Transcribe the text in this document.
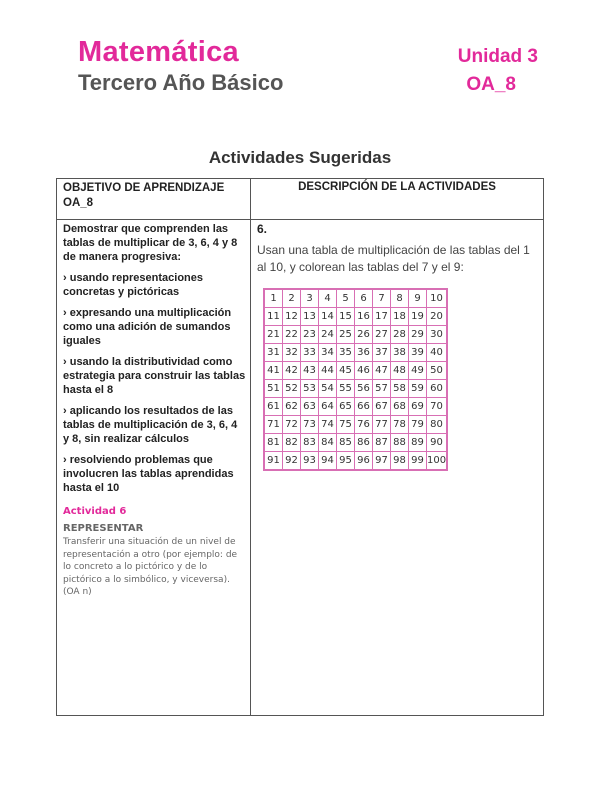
Matemática
Tercero Año Básico
Unidad 3
OA_8
Actividades Sugeridas
OBJETIVO DE APRENDIZAJE
OA_8
DESCRIPCIÓN DE LA ACTIVIDADES

Demostrar que comprenden las tablas de multiplicar de 3, 6, 4 y 8 de manera progresiva:

› usando representaciones concretas y pictóricas

› expresando una multiplicación como una adición de sumandos iguales

› usando la distributividad como estrategia para construir las tablas hasta el 8

› aplicando los resultados de las tablas de multiplicación de 3, 6, 4 y 8, sin realizar cálculos

› resolviendo problemas que involucren las tablas aprendidas hasta el 10

Actividad 6
REPRESENTAR
Transferir una situación de un nivel de representación a otro (por ejemplo: de lo concreto a lo pictórico y de lo pictórico a lo simbólico, y viceversa). (OA n)
6.
Usan una tabla de multiplicación de las tablas del 1 al 10, y colorean las tablas del 7 y el 9:
1	2	3	4	5	6	7	8	9	10
11	12	13	14	15	16	17	18	19	20
21	22	23	24	25	26	27	28	29	30
31	32	33	34	35	36	37	38	39	40
41	42	43	44	45	46	47	48	49	50
51	52	53	54	55	56	57	58	59	60
61	62	63	64	65	66	67	68	69	70
71	72	73	74	75	76	77	78	79	80
81	82	83	84	85	86	87	88	89	90
91	92	93	94	95	96	97	98	99	100
